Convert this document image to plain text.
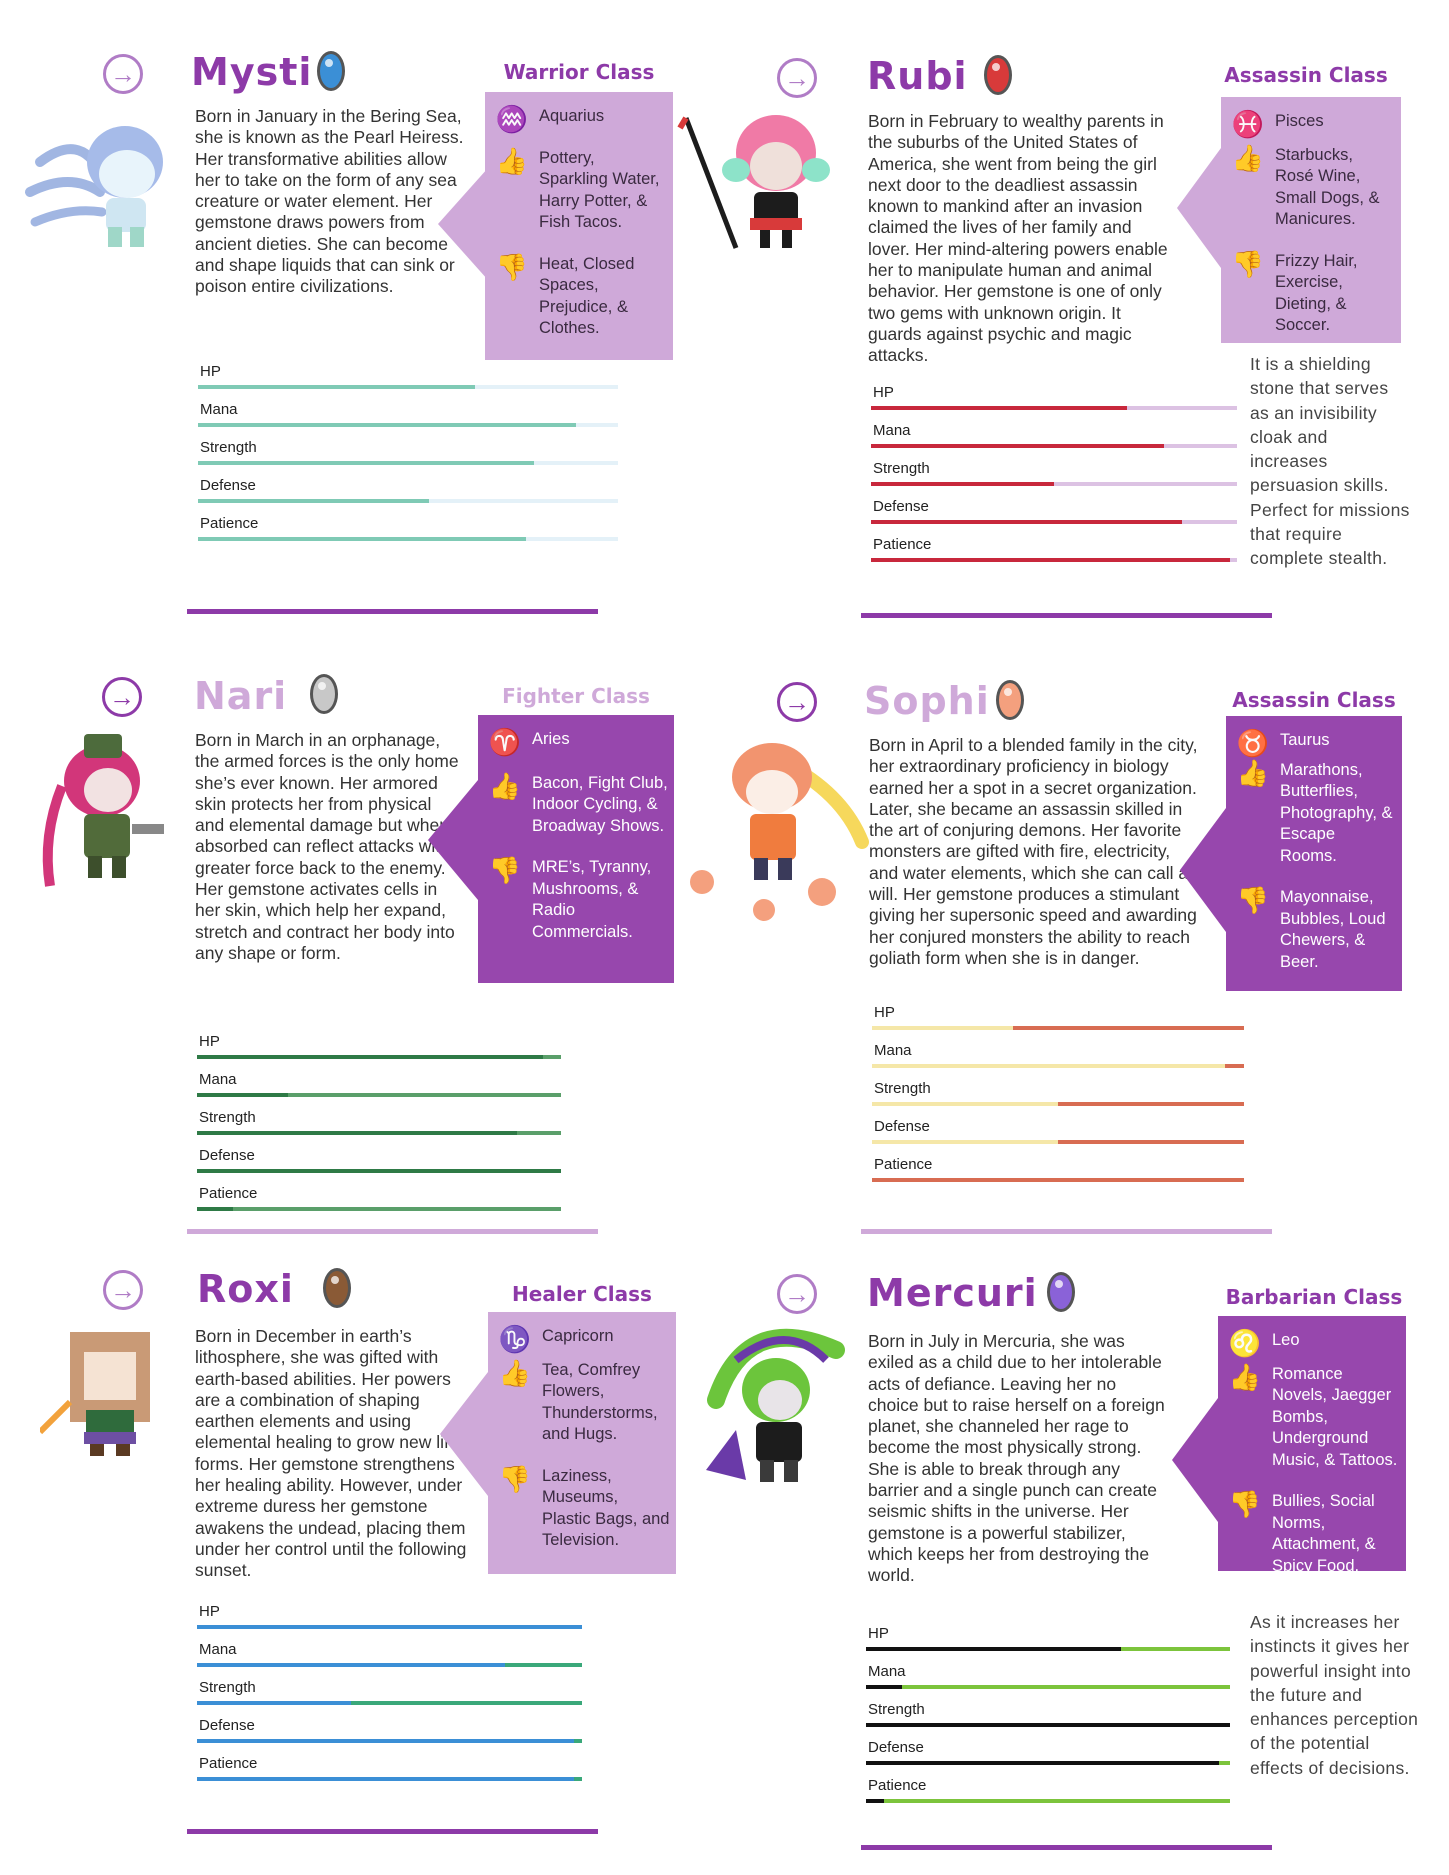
→ Mysti
Born in January in the Bering Sea, she is known as the Pearl Heiress. Her transformative abilities allow her to take on the form of any sea creature or water element. Her gemstone draws powers from ancient dieties. She can become and shape liquids that can sink or poison entire civilizations.
Warrior Class
♒ Aquarius
👍 Pottery, Sparkling Water, Harry Potter, & Fish Tacos.
👎 Heat, Closed Spaces, Prejudice, & Clothes.
HP
Mana
Strength
Defense
Patience
→ Rubi
Born in February to wealthy parents in the suburbs of the United States of America, she went from being the girl next door to the deadliest assassin known to mankind after an invasion claimed the lives of her family and lover. Her mind-altering powers enable her to manipulate human and animal behavior. Her gemstone is one of only two gems with unknown origin. It guards against psychic and magic attacks.
Assassin Class
♓ Pisces
👍 Starbucks, Rosé Wine, Small Dogs, & Manicures.
👎 Frizzy Hair, Exercise, Dieting, & Soccer.
It is a shielding stone that serves as an invisibility cloak and increases persuasion skills. Perfect for missions that require complete stealth.
HP
Mana
Strength
Defense
Patience
→ Nari
Born in March in an orphanage, the armed forces is the only home she’s ever known. Her armored skin protects her from physical and elemental damage but when absorbed can reflect attacks with greater force back to the enemy. Her gemstone activates cells in her skin, which help her expand, stretch and contract her body into any shape or form.
Fighter Class
♈ Aries
👍 Bacon, Fight Club, Indoor Cycling, & Broadway Shows.
👎 MRE’s, Tyranny, Mushrooms, & Radio Commercials.
HP
Mana
Strength
Defense
Patience
→ Sophi
Born in April to a blended family in the city, her extraordinary proficiency in biology earned her a spot in a secret organization. Later, she became an assassin skilled in the art of conjuring demons. Her favorite monsters are gifted with fire, electricity, and water elements, which she can call at will. Her gemstone produces a stimulant giving her supersonic speed and awarding her conjured monsters the ability to reach goliath form when she is in danger.
Assassin Class
♉ Taurus
👍 Marathons, Butterflies, Photography, & Escape Rooms.
👎 Mayonnaise, Bubbles, Loud Chewers, & Beer.
HP
Mana
Strength
Defense
Patience
→ Roxi
Born in December in earth’s lithosphere, she was gifted with earth-based abilities. Her powers are a combination of shaping earthen elements and using elemental healing to grow new life forms. Her gemstone strengthens her healing ability. However, under extreme duress her gemstone awakens the undead, placing them under her control until the following sunset.
Healer Class
♑ Capricorn
👍 Tea, Comfrey Flowers, Thunderstorms, and Hugs.
👎 Laziness, Museums, Plastic Bags, and Television.
HP
Mana
Strength
Defense
Patience
→ Mercuri
Born in July in Mercuria, she was exiled as a child due to her intolerable acts of defiance. Leaving her no choice but to raise herself on a foreign planet, she channeled her rage to become the most physically strong. She is able to break through any barrier and a single punch can create seismic shifts in the universe. Her gemstone is a powerful stabilizer, which keeps her from destroying the world.
Barbarian Class
♌ Leo
👍 Romance Novels, Jaegger Bombs, Underground Music, & Tattoos.
👎 Bullies, Social Norms, Attachment, & Spicy Food.
As it increases her instincts it gives her powerful insight into the future and enhances perception of the potential effects of decisions.
HP
Mana
Strength
Defense
Patience
